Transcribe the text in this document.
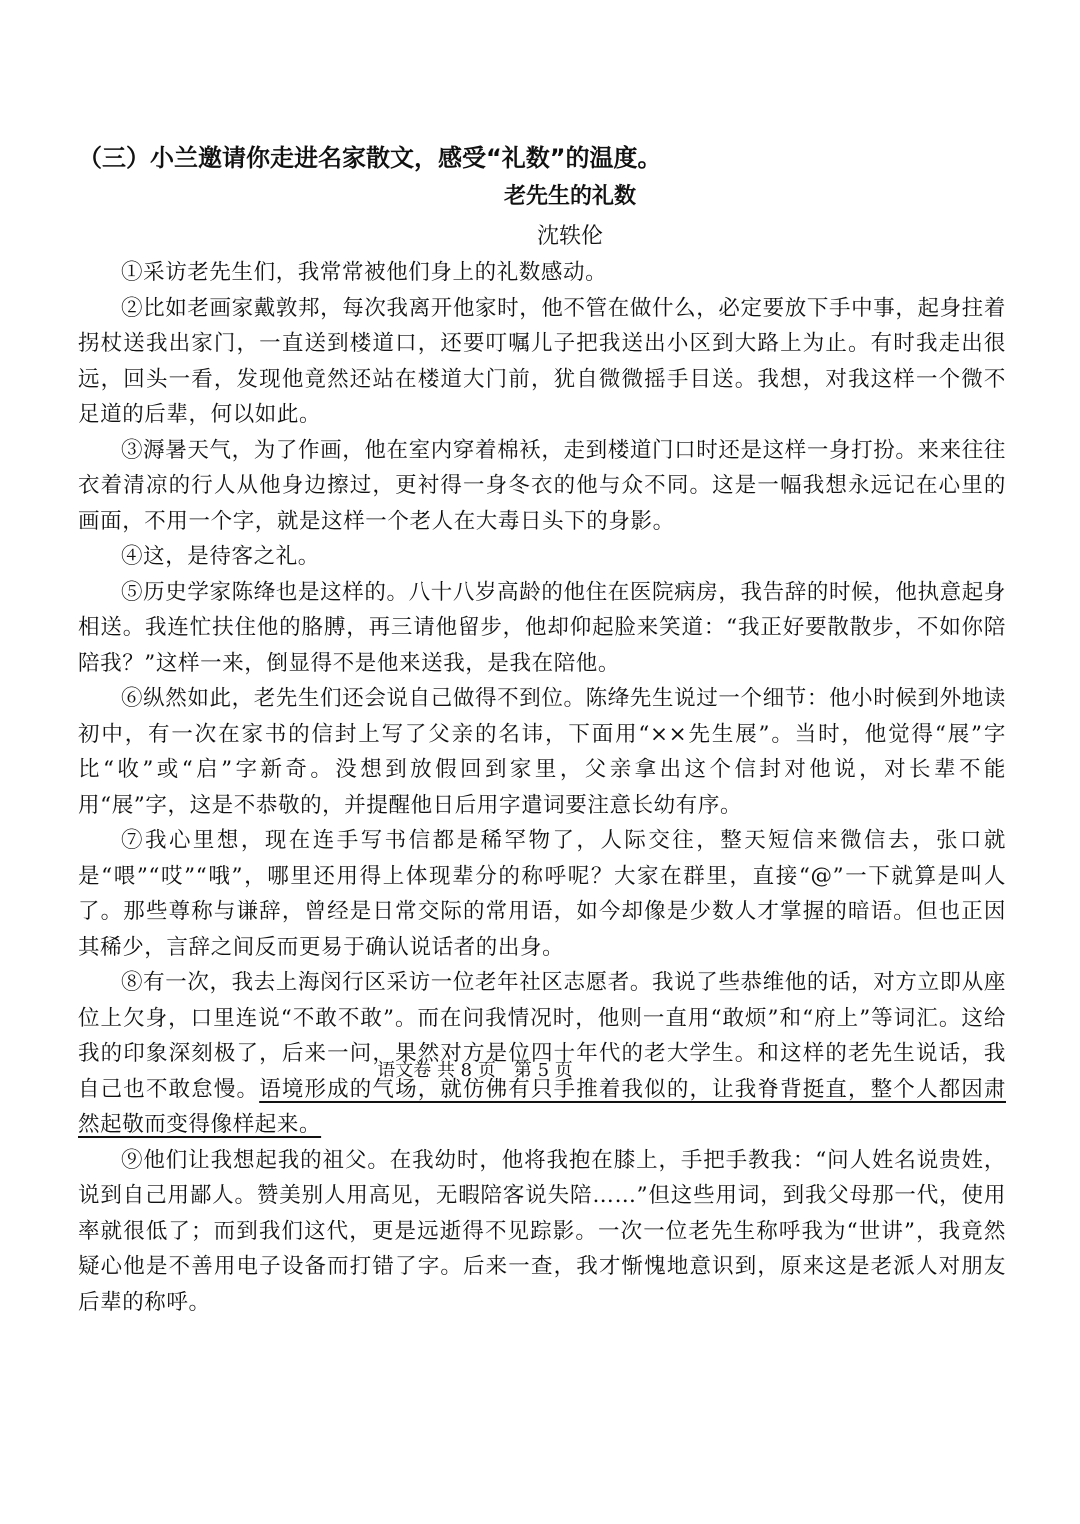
（三）小兰邀请你走进名家散文，感受“礼数”的温度。
老先生的礼数
沈轶伦

①采访老先生们，我常常被他们身上的礼数感动。

②比如老画家戴敦邦，每次我离开他家时，他不管在做什么，必定要放下手中事，起身拄着拐杖送我出家门，一直送到楼道口，还要叮嘱儿子把我送出小区到大路上为止。有时我走出很远，回头一看，发现他竟然还站在楼道大门前，犹自微微摇手目送。我想，对我这样一个微不足道的后辈，何以如此。

③溽暑天气，为了作画，他在室内穿着棉袄，走到楼道门口时还是这样一身打扮。来来往往衣着清凉的行人从他身边擦过，更衬得一身冬衣的他与众不同。这是一幅我想永远记在心里的画面，不用一个字，就是这样一个老人在大毒日头下的身影。

④这，是待客之礼。

⑤历史学家陈绛也是这样的。八十八岁高龄的他住在医院病房，我告辞的时候，他执意起身相送。我连忙扶住他的胳膊，再三请他留步，他却仰起脸来笑道：“我正好要散散步，不如你陪陪我？”这样一来，倒显得不是他来送我，是我在陪他。

⑥纵然如此，老先生们还会说自己做得不到位。陈绛先生说过一个细节：他小时候到外地读初中，有一次在家书的信封上写了父亲的名讳，下面用“××先生展”。当时，他觉得“展”字比“收”或“启”字新奇。没想到放假回到家里，父亲拿出这个信封对他说，对长辈不能用“展”字，这是不恭敬的，并提醒他日后用字遣词要注意长幼有序。

⑦我心里想，现在连手写书信都是稀罕物了，人际交往，整天短信来微信去，张口就是“喂”“哎”“哦”，哪里还用得上体现辈分的称呼呢？大家在群里，直接“@”一下就算是叫人了。那些尊称与谦辞，曾经是日常交际的常用语，如今却像是少数人才掌握的暗语。但也正因其稀少，言辞之间反而更易于确认说话者的出身。

⑧有一次，我去上海闵行区采访一位老年社区志愿者。我说了些恭维他的话，对方立即从座位上欠身，口里连说“不敢不敢”。而在问我情况时，他则一直用“敢烦”和“府上”等词汇。这给我的印象深刻极了，后来一问，果然对方是位四十年代的老大学生。和这样的老先生说话，我自己也不敢怠慢。语境形成的气场，就仿佛有只手推着我似的，让我脊背挺直，整个人都因肃然起敬而变得像样起来。

⑨他们让我想起我的祖父。在我幼时，他将我抱在膝上，手把手教我：“问人姓名说贵姓，说到自己用鄙人。赞美别人用高见，无暇陪客说失陪……”但这些用词，到我父母那一代，使用率就很低了；而到我们这代，更是远逝得不见踪影。一次一位老先生称呼我为“世讲”，我竟然疑心他是不善用电子设备而打错了字。后来一查，我才惭愧地意识到，原来这是老派人对朋友后辈的称呼。

语文卷 共 8 页　第 5 页
